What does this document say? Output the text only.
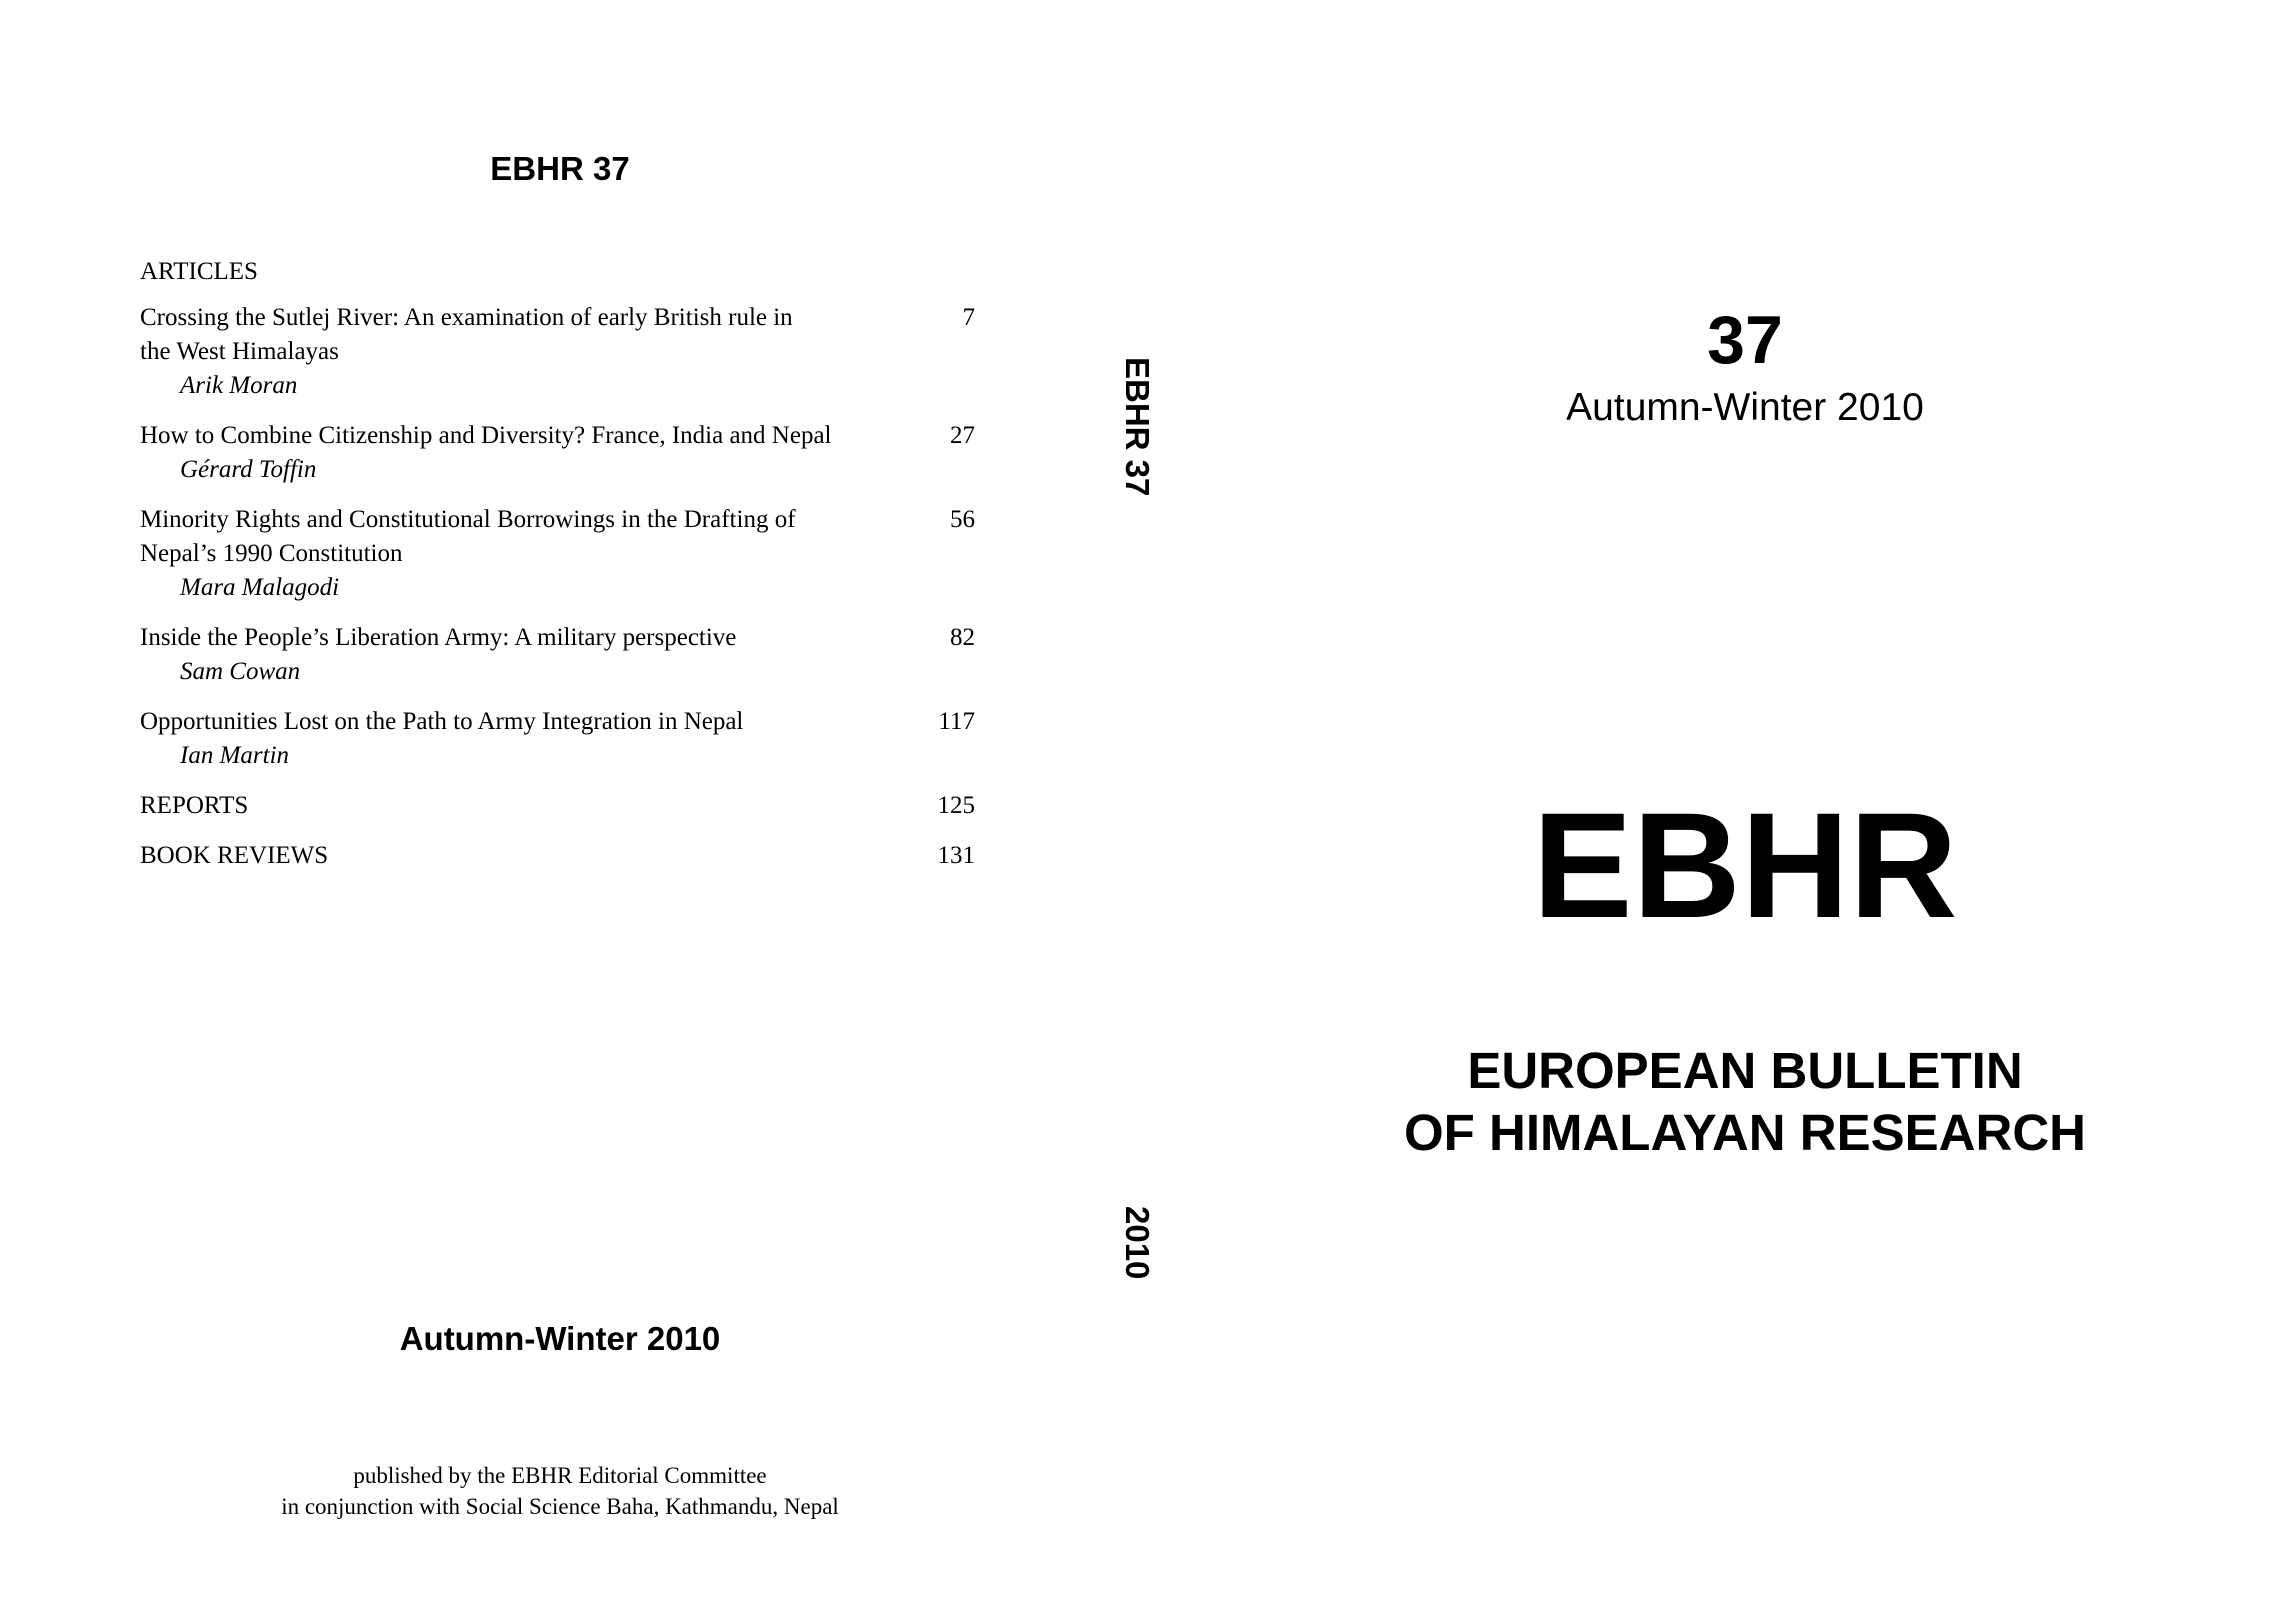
EBHR 37
ARTICLES
Crossing the Sutlej River: An examination of early British rule in
the West Himalayas
Arik Moran
7
How to Combine Citizenship and Diversity? France, India and Nepal
Gérard Toffin
27
Minority Rights and Constitutional Borrowings in the Drafting of
Nepal’s 1990 Constitution
Mara Malagodi
56
Inside the People’s Liberation Army: A military perspective
Sam Cowan
82
Opportunities Lost on the Path to Army Integration in Nepal
Ian Martin
117
REPORTS	125
BOOK REVIEWS	131
Autumn-Winter 2010
published by the EBHR Editorial Committee
in conjunction with Social Science Baha, Kathmandu, Nepal
EBHR 37
2010
37
Autumn-Winter 2010
EBHR
EUROPEAN BULLETIN
OF HIMALAYAN RESEARCH
